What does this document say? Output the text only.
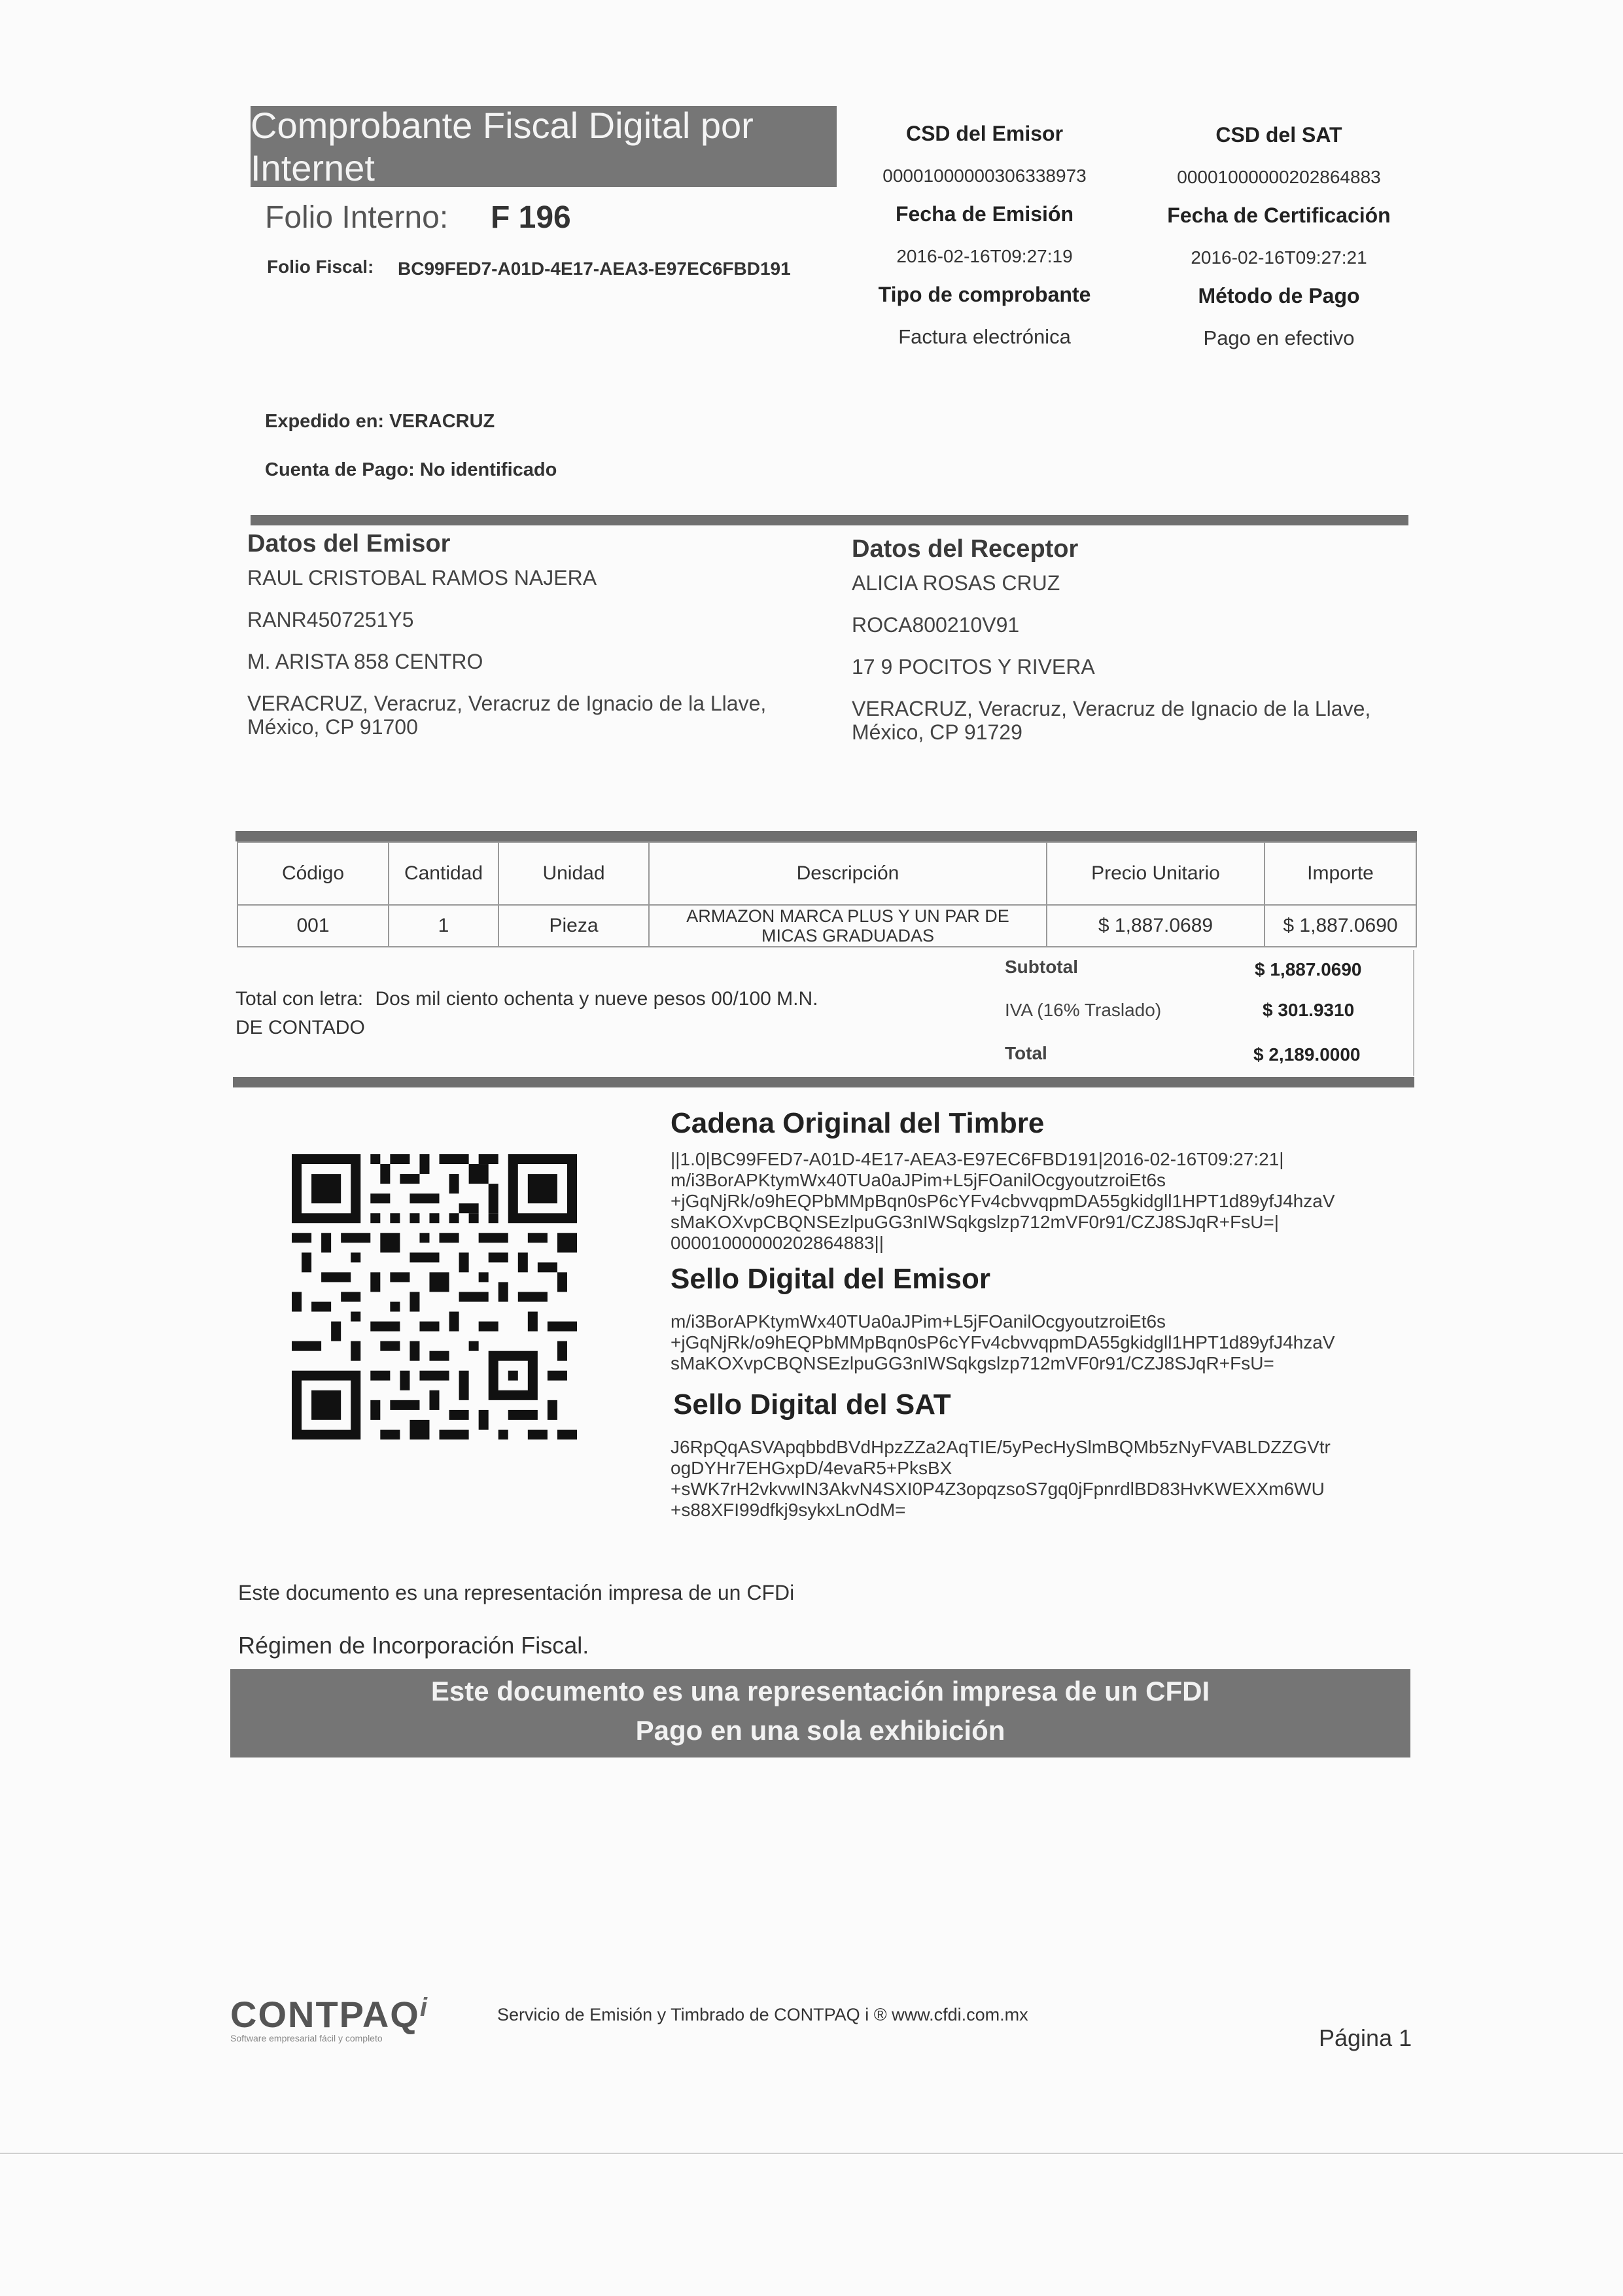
Comprobante Fiscal Digital por Internet
Folio Interno: F 196
Folio Fiscal: BC99FED7-A01D-4E17-AEA3-E97EC6FBD191
Expedido en: VERACRUZ
Cuenta de Pago: No identificado
CSD del Emisor
00001000000306338973
Fecha de Emisión
2016-02-16T09:27:19
Tipo de comprobante
Factura electrónica
CSD del SAT
00001000000202864883
Fecha de Certificación
2016-02-16T09:27:21
Método de Pago
Pago en efectivo
Datos del Emisor
RAUL CRISTOBAL RAMOS NAJERA
RANR4507251Y5
M. ARISTA 858 CENTRO
VERACRUZ, Veracruz, Veracruz de Ignacio de la Llave,
México, CP 91700
Datos del Receptor
ALICIA ROSAS CRUZ
ROCA800210V91
17 9 POCITOS Y RIVERA
VERACRUZ, Veracruz, Veracruz de Ignacio de la Llave,
México, CP 91729
Código	Cantidad	Unidad	Descripción	Precio Unitario	Importe
001	1	Pieza	ARMAZON MARCA PLUS Y UN PAR DE
MICAS GRADUADAS	$ 1,887.0689	$ 1,887.0690
Total con letra: Dos mil ciento ochenta y nueve pesos 00/100 M.N.
DE CONTADO
Subtotal	$ 1,887.0690
IVA (16% Traslado)	$ 301.9310
Total	$ 2,189.0000
Cadena Original del Timbre
||1.0|BC99FED7-A01D-4E17-AEA3-E97EC6FBD191|2016-02-16T09:27:21|
m/i3BorAPKtymWx40TUa0aJPim+L5jFOanilOcgyoutzroiEt6s
+jGqNjRk/o9hEQPbMMpBqn0sP6cYFv4cbvvqpmDA55gkidgll1HPT1d89yfJ4hzaV
sMaKOXvpCBQNSEzlpuGG3nIWSqkgslzp712mVF0r91/CZJ8SJqR+FsU=|
00001000000202864883||
Sello Digital del Emisor
m/i3BorAPKtymWx40TUa0aJPim+L5jFOanilOcgyoutzroiEt6s
+jGqNjRk/o9hEQPbMMpBqn0sP6cYFv4cbvvqpmDA55gkidgll1HPT1d89yfJ4hzaV
sMaKOXvpCBQNSEzlpuGG3nIWSqkgslzp712mVF0r91/CZJ8SJqR+FsU=
Sello Digital del SAT
J6RpQqASVApqbbdBVdHpzZZa2AqTIE/5yPecHySlmBQMb5zNyFVABLDZZGVtr
ogDYHr7EHGxpD/4evaR5+PksBX
+sWK7rH2vkvwIN3AkvN4SXI0P4Z3opqzsoS7gq0jFpnrdlBD83HvKWEXXm6WU
+s88XFI99dfkj9sykxLnOdM=
Este documento es una representación impresa de un CFDi
Régimen de Incorporación Fiscal.
Este documento es una representación impresa de un CFDI
Pago en una sola exhibición
CONTPAQi
Software empresarial fácil y completo
Servicio de Emisión y Timbrado de CONTPAQ i ® www.cfdi.com.mx
Página 1
